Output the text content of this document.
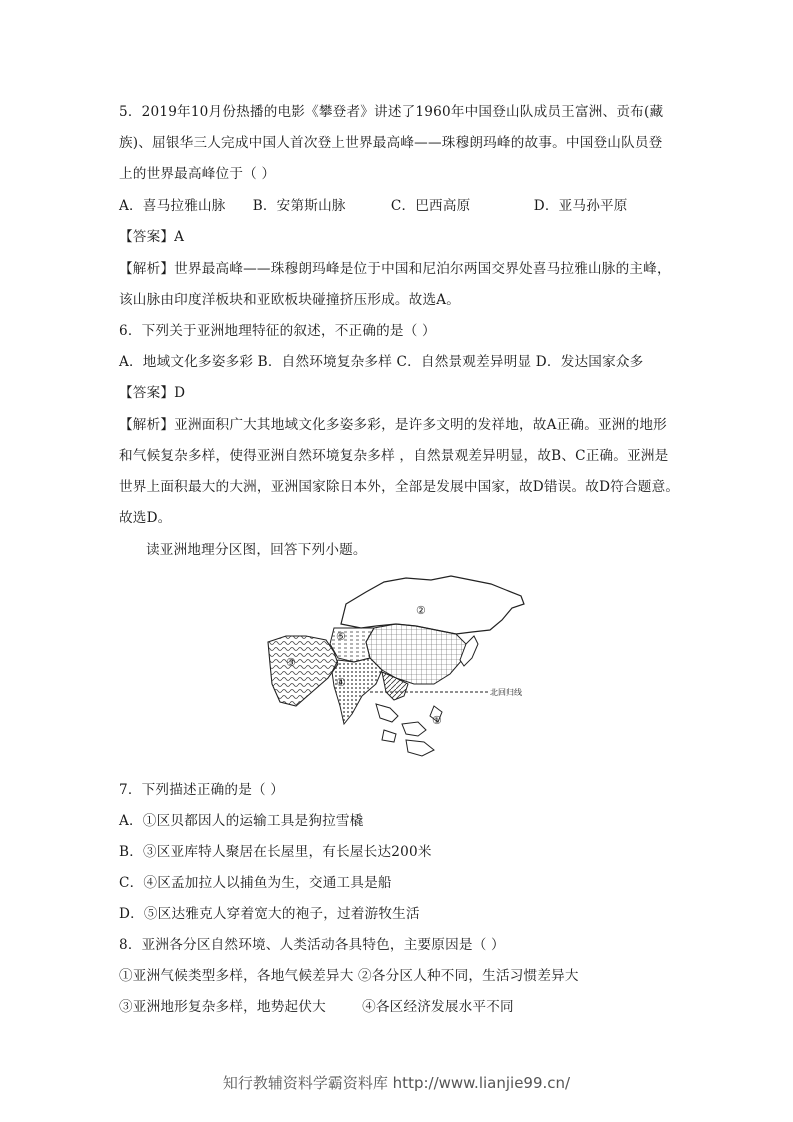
5．2019年10月份热播的电影《攀登者》讲述了1960年中国登山队成员王富洲、贡布(藏
族)、屈银华三人完成中国人首次登上世界最高峰——珠穆朗玛峰的故事。中国登山队员登
上的世界最高峰位于（ ）
A．喜马拉雅山脉      B．安第斯山脉          C．巴西高原              D．亚马孙平原
【答案】A
【解析】世界最高峰——珠穆朗玛峰是位于中国和尼泊尔两国交界处喜马拉雅山脉的主峰，
该山脉由印度洋板块和亚欧板块碰撞挤压形成。故选A。
6．下列关于亚洲地理特征的叙述，不正确的是（ ）
A．地域文化多姿多彩 B．自然环境复杂多样 C．自然景观差异明显 D．发达国家众多
【答案】D
【解析】亚洲面积广大其地域文化多姿多彩，是许多文明的发祥地，故A正确。亚洲的地形
和气候复杂多样，使得亚洲自然环境复杂多样 ，自然景观差异明显，故B、C正确。亚洲是
世界上面积最大的大洲，亚洲国家除日本外，全部是发展中国家，故D错误。故D符合题意。
故选D。
读亚洲地理分区图，回答下列小题。
北回归线
①
②
③
④
⑤
7．下列描述正确的是（ ）
A．①区贝都因人的运输工具是狗拉雪橇
B．③区亚库特人聚居在长屋里，有长屋长达200米
C．④区孟加拉人以捕鱼为生，交通工具是船
D．⑤区达雅克人穿着宽大的袍子，过着游牧生活
8．亚洲各分区自然环境、人类活动各具特色，主要原因是（ ）
①亚洲气候类型多样，各地气候差异大 ②各分区人种不同，生活习惯差异大
③亚洲地形复杂多样，地势起伏大        ④各区经济发展水平不同
知行教辅资料学霸资料库 http://www.lianjie99.cn/
